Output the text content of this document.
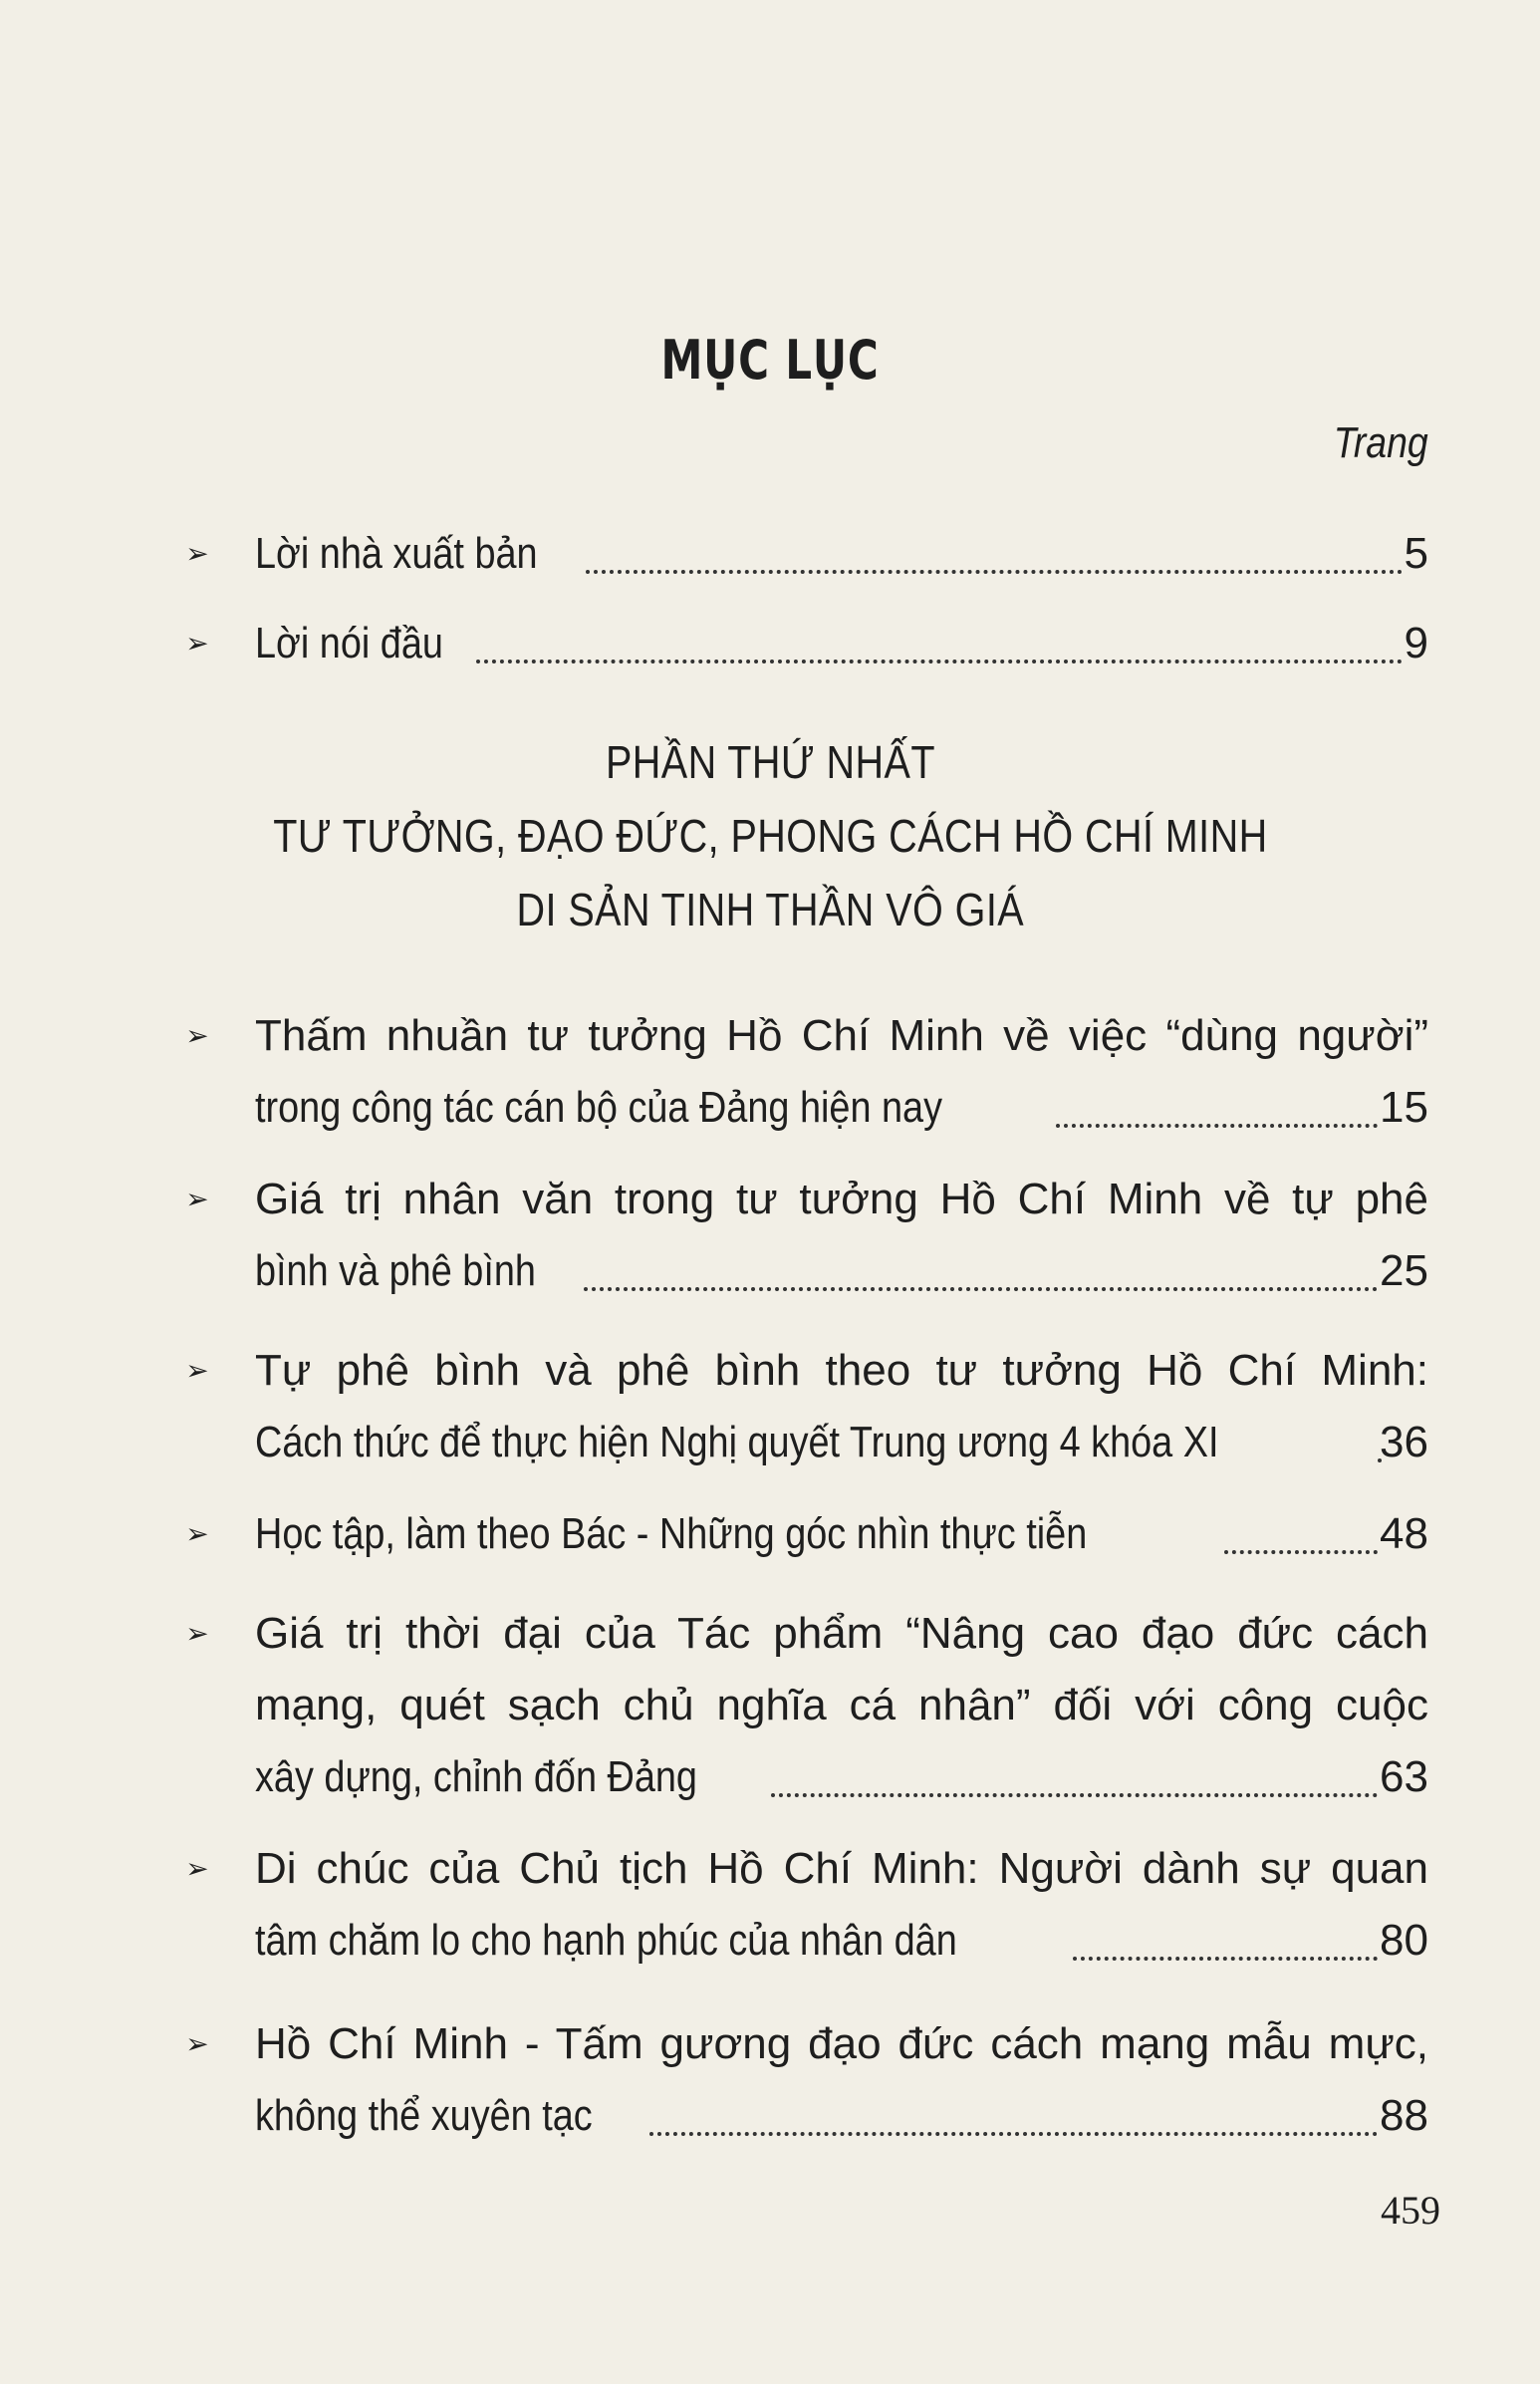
MỤC LỤC
Trang
➢ Lời nhà xuất bản	5
➢ Lời nói đầu	9
PHẦN THỨ NHẤT
TƯ TƯỞNG, ĐẠO ĐỨC, PHONG CÁCH HỒ CHÍ MINH
DI SẢN TINH THẦN VÔ GIÁ
➢ Thấm nhuần tư tưởng Hồ Chí Minh về việc “dùng người”
trong công tác cán bộ của Đảng hiện nay	15
➢ Giá trị nhân văn trong tư tưởng Hồ Chí Minh về tự phê
bình và phê bình	25
➢ Tự phê bình và phê bình theo tư tưởng Hồ Chí Minh:
Cách thức để thực hiện Nghị quyết Trung ương 4 khóa XI	36
➢ Học tập, làm theo Bác - Những góc nhìn thực tiễn	48
➢ Giá trị thời đại của Tác phẩm “Nâng cao đạo đức cách
mạng, quét sạch chủ nghĩa cá nhân” đối với công cuộc
xây dựng, chỉnh đốn Đảng	63
➢ Di chúc của Chủ tịch Hồ Chí Minh: Người dành sự quan
tâm chăm lo cho hạnh phúc của nhân dân	80
➢ Hồ Chí Minh - Tấm gương đạo đức cách mạng mẫu mực,
không thể xuyên tạc	88
459
